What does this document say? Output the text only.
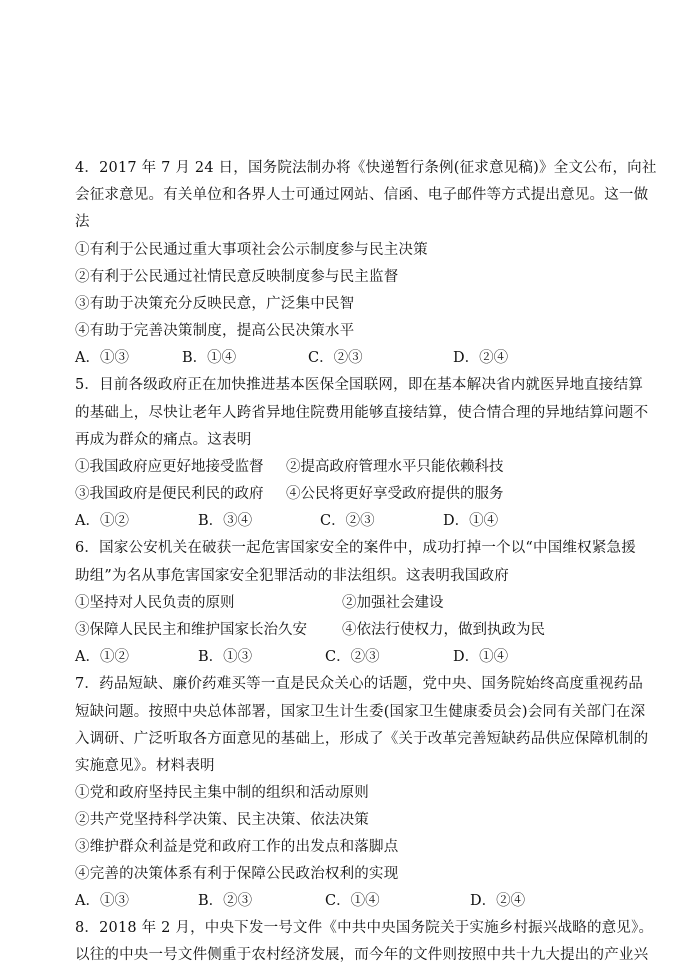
4．2017 年 7 月 24 日，国务院法制办将《快递暂行条例(征求意见稿)》全文公布，向社
会征求意见。有关单位和各界人士可通过网站、信函、电子邮件等方式提出意见。这一做
法
①有利于公民通过重大事项社会公示制度参与民主决策
②有利于公民通过社情民意反映制度参与民主监督
③有助于决策充分反映民意，广泛集中民智
④有助于完善决策制度，提高公民决策水平
A．①③	B．①④	C．②③	D．②④
5．目前各级政府正在加快推进基本医保全国联网，即在基本解决省内就医异地直接结算
的基础上，尽快让老年人跨省异地住院费用能够直接结算，使合情合理的异地结算问题不
再成为群众的痛点。这表明
①我国政府应更好地接受监督 ②提高政府管理水平只能依赖科技
③我国政府是便民利民的政府 ④公民将更好享受政府提供的服务
A．①②	B．③④	C．②③	D．①④
6．国家公安机关在破获一起危害国家安全的案件中，成功打掉一个以“中国维权紧急援
助组”为名从事危害国家安全犯罪活动的非法组织。这表明我国政府
①坚持对人民负责的原则	②加强社会建设
③保障人民民主和维护国家长治久安 ④依法行使权力，做到执政为民
A．①②	B．①③	C．②③	D．①④
7．药品短缺、廉价药难买等一直是民众关心的话题，党中央、国务院始终高度重视药品
短缺问题。按照中央总体部署，国家卫生计生委(国家卫生健康委员会)会同有关部门在深
入调研、广泛听取各方面意见的基础上，形成了《关于改革完善短缺药品供应保障机制的
实施意见》。材料表明
①党和政府坚持民主集中制的组织和活动原则
②共产党坚持科学决策、民主决策、依法决策
③维护群众利益是党和政府工作的出发点和落脚点
④完善的决策体系有利于保障公民政治权利的实现
A．①③	B．②③	C．①④	D．②④
8．2018 年 2 月，中央下发一号文件《中共中央国务院关于实施乡村振兴战略的意见》。
以往的中央一号文件侧重于农村经济发展，而今年的文件则按照中共十九大提出的产业兴
